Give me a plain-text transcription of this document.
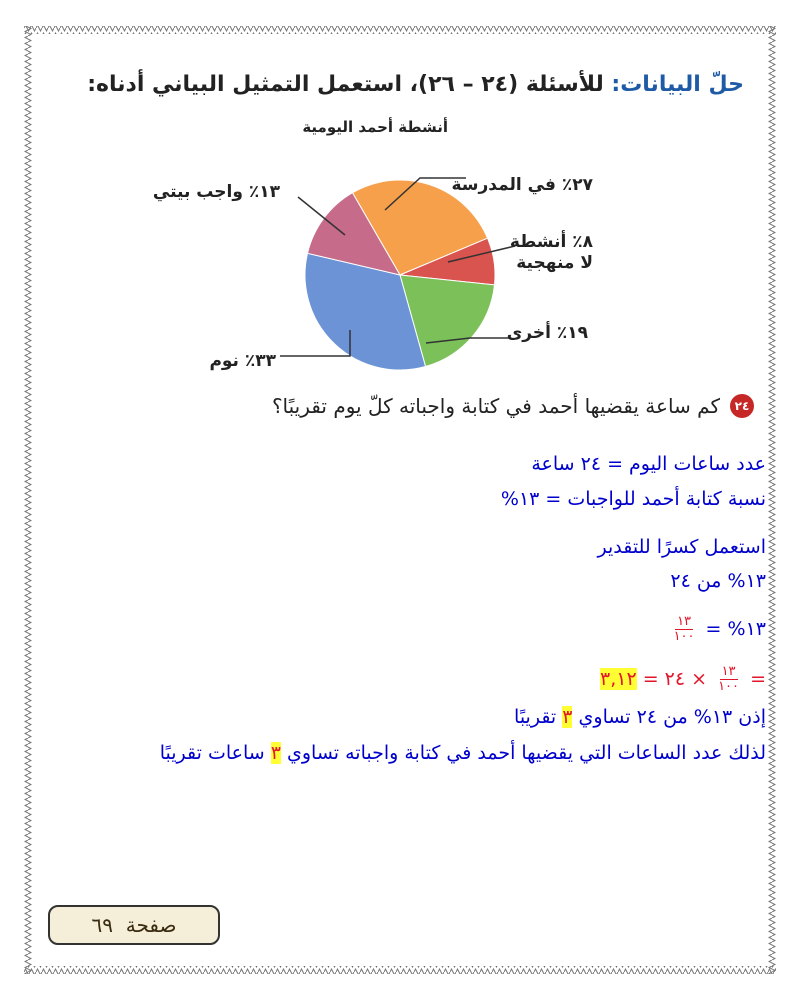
حلّ البيانات: للأسئلة (٢٤ – ٢٦)، استعمل التمثيل البياني أدناه:
أنشطة أحمد اليومية
٢٧٪ في المدرسة
٨٪ أنشطة
لا منهجية
١٩٪ أخرى
٣٣٪ نوم
١٣٪ واجب بيتي
٢٤
كم ساعة يقضيها أحمد في كتابة واجباته كلّ يوم تقريبًا؟
عدد ساعات اليوم = ٢٤ ساعة
نسبة كتابة أحمد للواجبات = ١٣%
استعمل كسرًا للتقدير
١٣% من ٢٤
١٣% =
$\frac{١٣}{١٠٠}$
=
$\frac{١٣}{١٠٠}$
× ٢٤ = ٣,١٢
إذن ١٣% من ٢٤ تساوي ٣ تقريبًا
لذلك عدد الساعات التي يقضيها أحمد في كتابة واجباته تساوي ٣ ساعات تقريبًا
صفحة

٦٩
